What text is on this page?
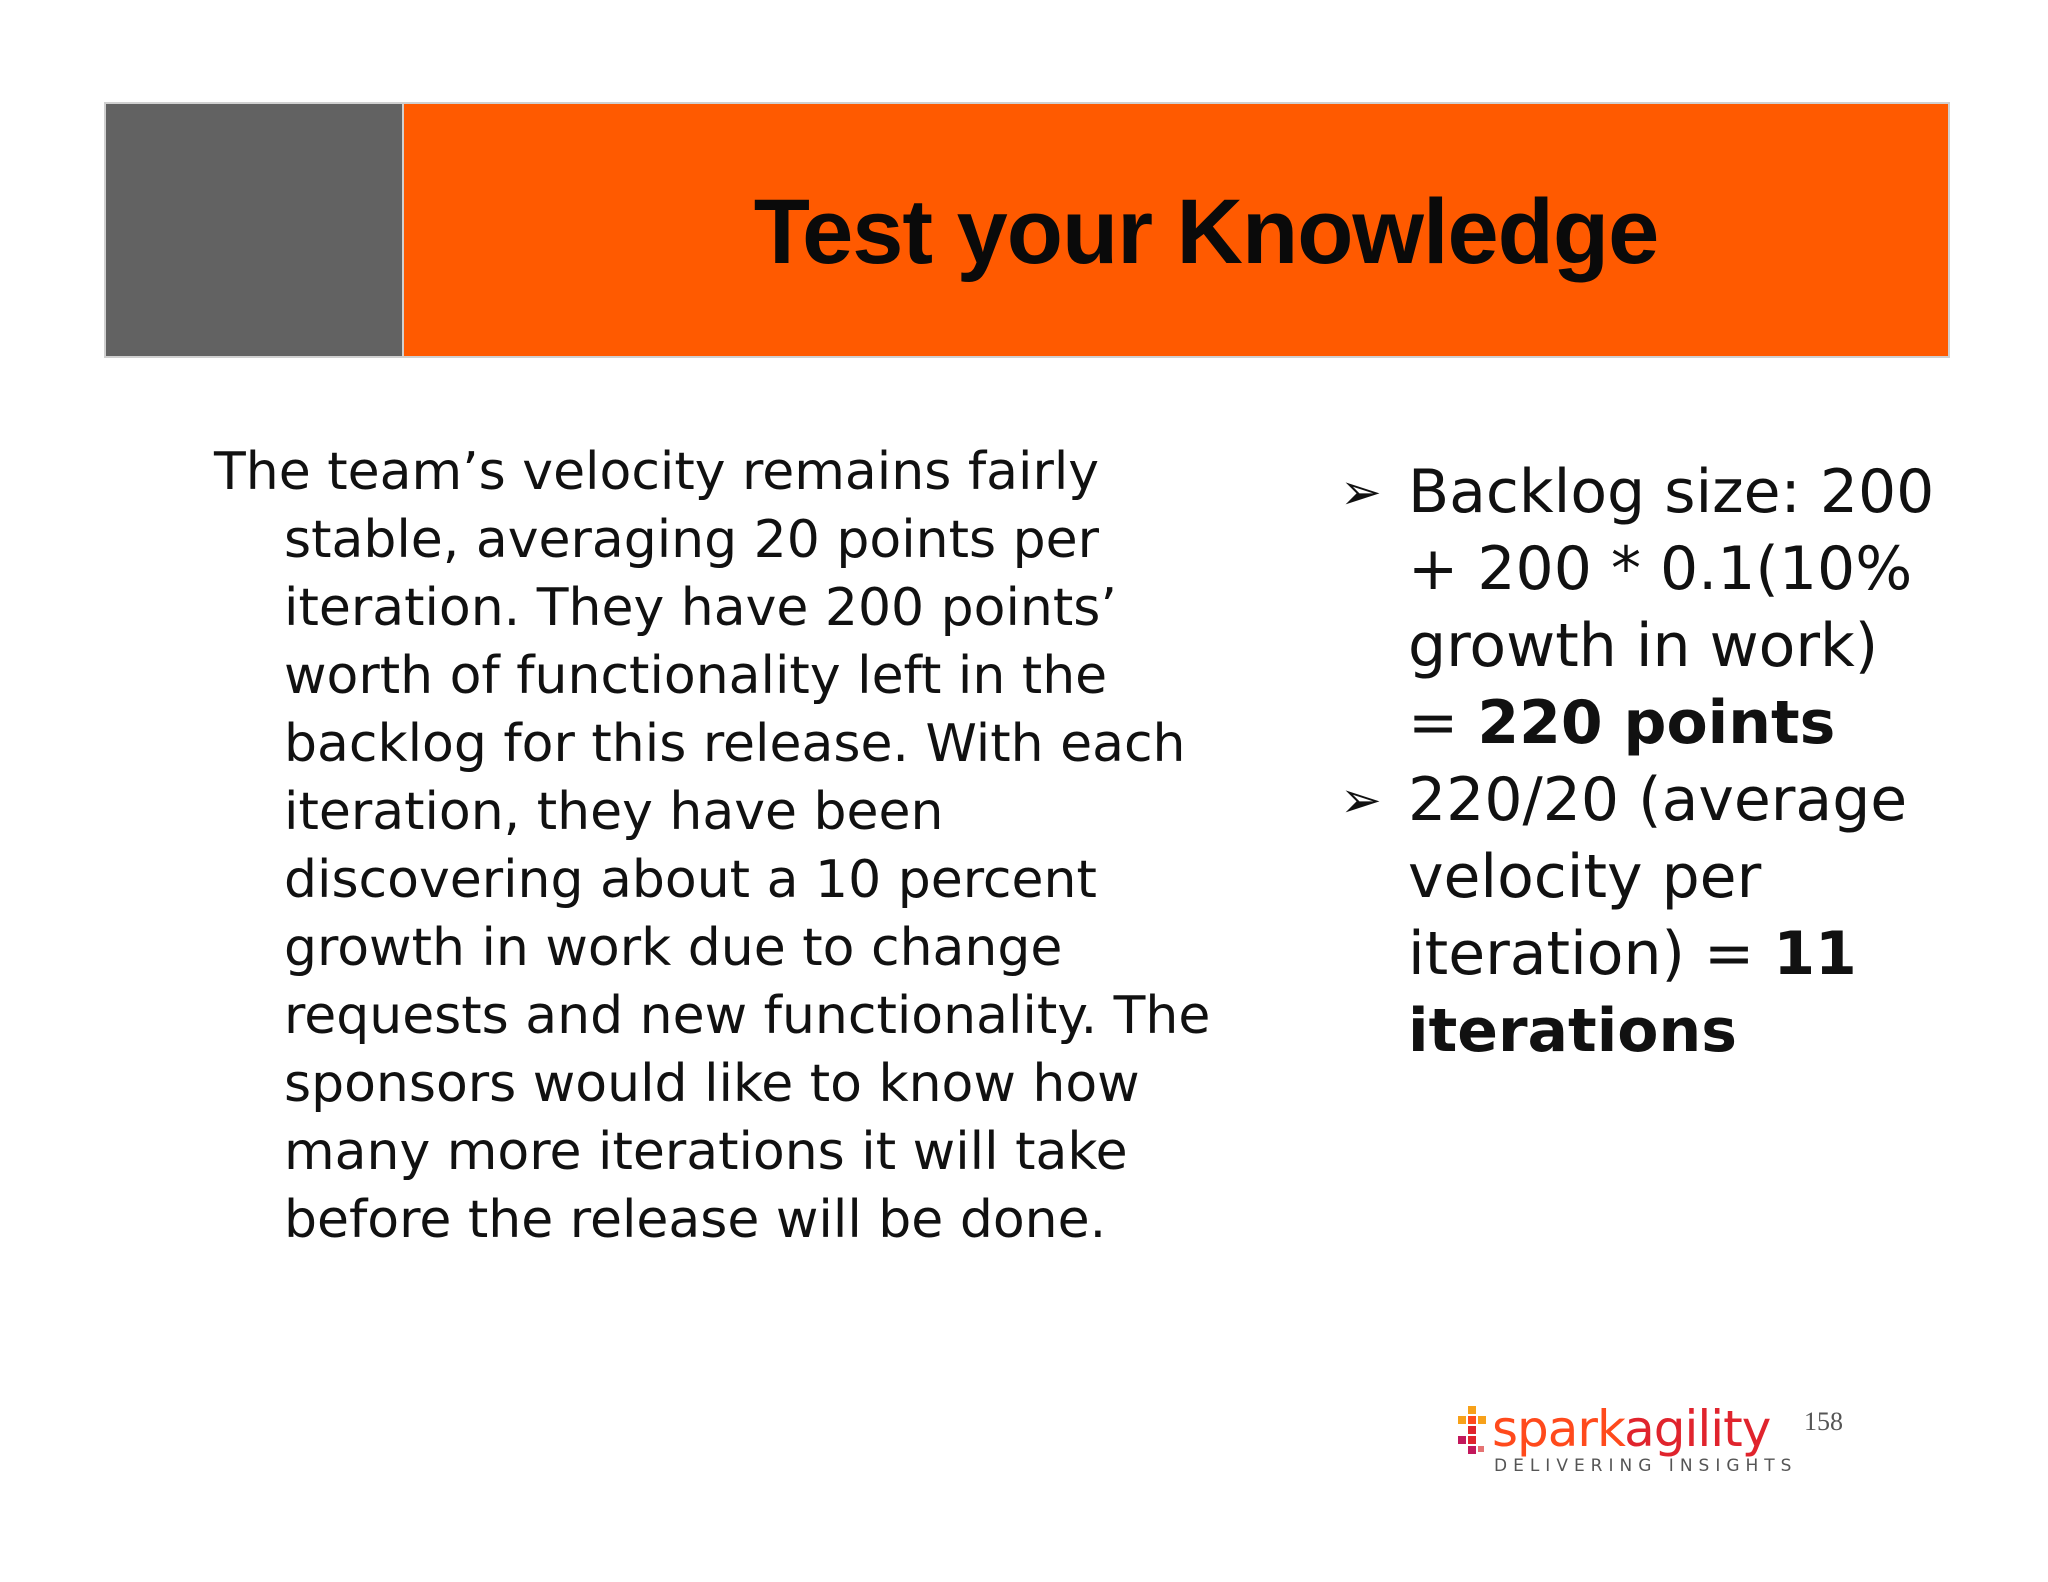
Test your Knowledge

The team’s velocity remains fairly stable, averaging 20 points per iteration. They have 200 points’ worth of functionality left in the backlog for this release. With each iteration, they have been discovering about a 10 percent growth in work due to change requests and new functionality. The sponsors would like to know how many more iterations it will take before the release will be done.

➢ Backlog size: 200 + 200 * 0.1(10% growth in work) = 220 points
➢ 220/20 (average velocity per iteration) = 11 iterations
sparkagility
DELIVERING INSIGHTS
158
